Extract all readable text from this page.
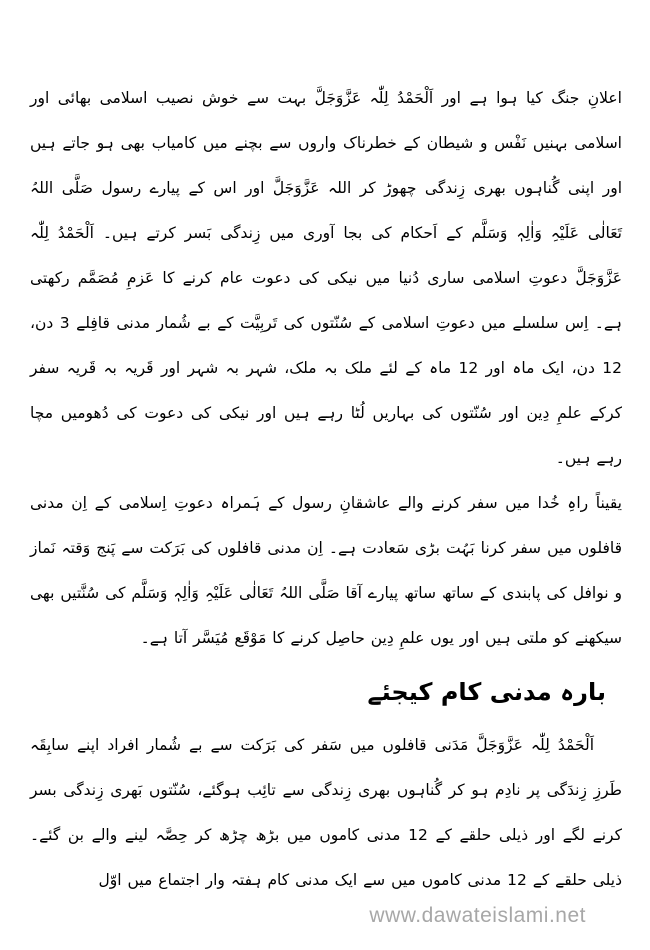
اعلانِ جنگ کیا ہوا ہے اور اَلْحَمْدُ لِلّٰہ عَزَّوَجَلَّ بہت سے خوش نصیب اسلامی بھائی اور اسلامی بہنیں نَفْس و شیطان کے خطرناک واروں سے بچنے میں کامیاب بھی ہو جاتے ہیں اور اپنی گُناہوں بھری زِندگی چھوڑ کر اللہ عَزَّوَجَلَّ اور اس کے پیارے رسول صَلَّی اللہُ تَعَالٰی عَلَیْہِ وَاٰلِہٖ وَسَلَّم کے اَحکام کی بجا آوری میں زِندگی بَسر کرتے ہیں۔ اَلْحَمْدُ لِلّٰہ عَزَّوَجَلَّ دعوتِ اسلامی ساری دُنیا میں نیکی کی دعوت عام کرنے کا عَزمِ مُصَمَّم رکھتی ہے۔ اِس سلسلے میں دعوتِ اسلامی کے سُنّتوں کی تَربِیَّت کے بے شُمار مدنی قافِلے 3 دن، 12 دن، ایک ماہ اور 12 ماہ کے لئے ملک بہ ملک، شہر بہ شہر اور قَریہ بہ قَریہ سفر کرکے علمِ دِین اور سُنّتوں کی بہاریں لُٹا رہے ہیں اور نیکی کی دعوت کی دُھومیں مچا رہے ہیں۔
یقیناً راہِ خُدا میں سفر کرنے والے عاشقانِ رسول کے ہَمراہ دعوتِ اِسلامی کے اِن مدنی قافلوں میں سفر کرنا بَہُت بڑی سَعادت ہے۔ اِن مدنی قافلوں کی بَرَکت سے پَنج وَقتہ نَماز و نوافل کی پابندی کے ساتھ ساتھ پیارے آقا صَلَّی اللہُ تَعَالٰی عَلَیْہِ وَاٰلِہٖ وَسَلَّم کی سُنَّتیں بھی سیکھنے کو ملتی ہیں اور یوں علمِ دِین حاصِل کرنے کا مَوْقَع مُیَسَّر آتا ہے۔
بارہ مدنی کام کیجئے
اَلْحَمْدُ لِلّٰہ عَزَّوَجَلَّ مَدَنی قافلوں میں سَفر کی بَرَکت سے بے شُمار افراد اپنے سابِقَہ طَرزِ زِندَگی پر نادِم ہو کر گُناہوں بھری زِندگی سے تائِب ہوگئے، سُنّتوں بَھری زِندگی بسر کرنے لگے اور ذیلی حلقے کے 12 مدنی کاموں میں بڑھ چڑھ کر حِصَّہ لینے والے بن گئے۔ ذیلی حلقے کے 12 مدنی کاموں میں سے ایک مدنی کام ہفتہ وار اجتماع میں اوّل
www.dawateislami.net
